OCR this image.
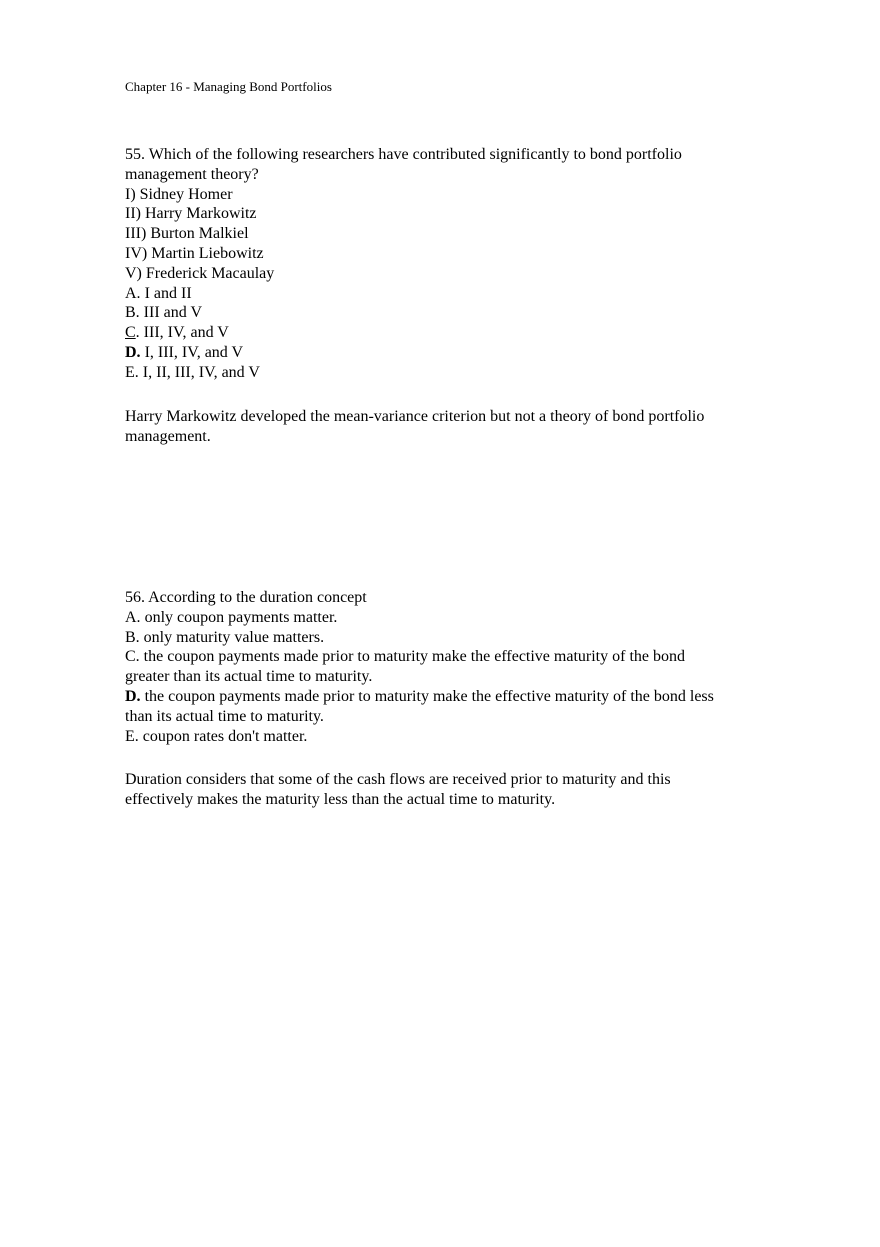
Chapter 16 - Managing Bond Portfolios
55. Which of the following researchers have contributed significantly to bond portfolio
management theory?
I) Sidney Homer
II) Harry Markowitz
III) Burton Malkiel
IV) Martin Liebowitz
V) Frederick Macaulay
A. I and II
B. III and V
C. III, IV, and V
D. I, III, IV, and V
E. I, II, III, IV, and V
Harry Markowitz developed the mean-variance criterion but not a theory of bond portfolio
management.
56. According to the duration concept
A. only coupon payments matter.
B. only maturity value matters.
C. the coupon payments made prior to maturity make the effective maturity of the bond
greater than its actual time to maturity.
D. the coupon payments made prior to maturity make the effective maturity of the bond less
than its actual time to maturity.
E. coupon rates don't matter.
Duration considers that some of the cash flows are received prior to maturity and this
effectively makes the maturity less than the actual time to maturity.
